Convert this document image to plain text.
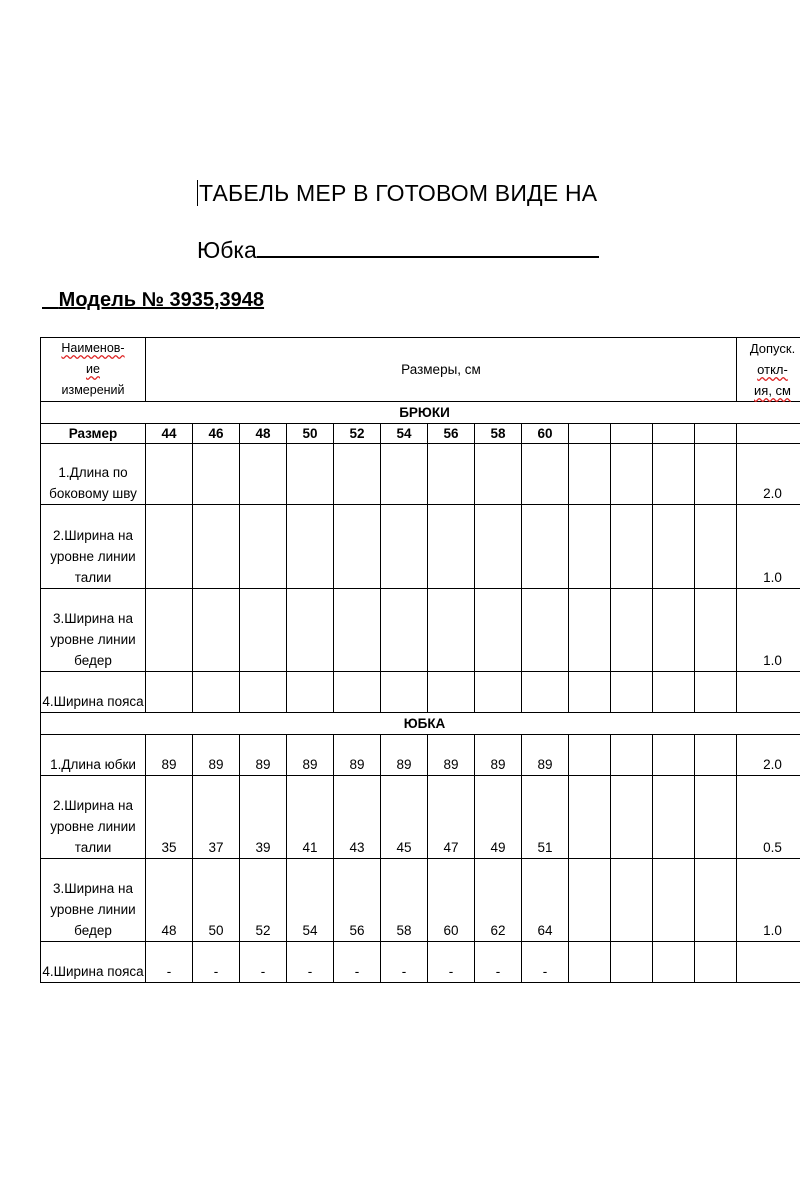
ТАБЕЛЬ МЕР В ГОТОВОМ ВИДЕ НА
Юбка
Модель № 3935,3948
Наименов-
ие
измерений	Размеры, см													Допуск.
откл-
ия, см
БРЮКИ														
Размер	44	46	48	50	52	54	56	58	60					
1.Длина по боковому шву														2.0
2.Ширина на уровне линии талии														1.0
3.Ширина на уровне линии бедер														1.0
4.Ширина пояса														
ЮБКА														
1.Длина юбки	89	89	89	89	89	89	89	89	89					2.0
2.Ширина на уровне линии талии	35	37	39	41	43	45	47	49	51					0.5
3.Ширина на уровне линии бедер	48	50	52	54	56	58	60	62	64					1.0
4.Ширина пояса	-	-	-	-	-	-	-	-	-					
